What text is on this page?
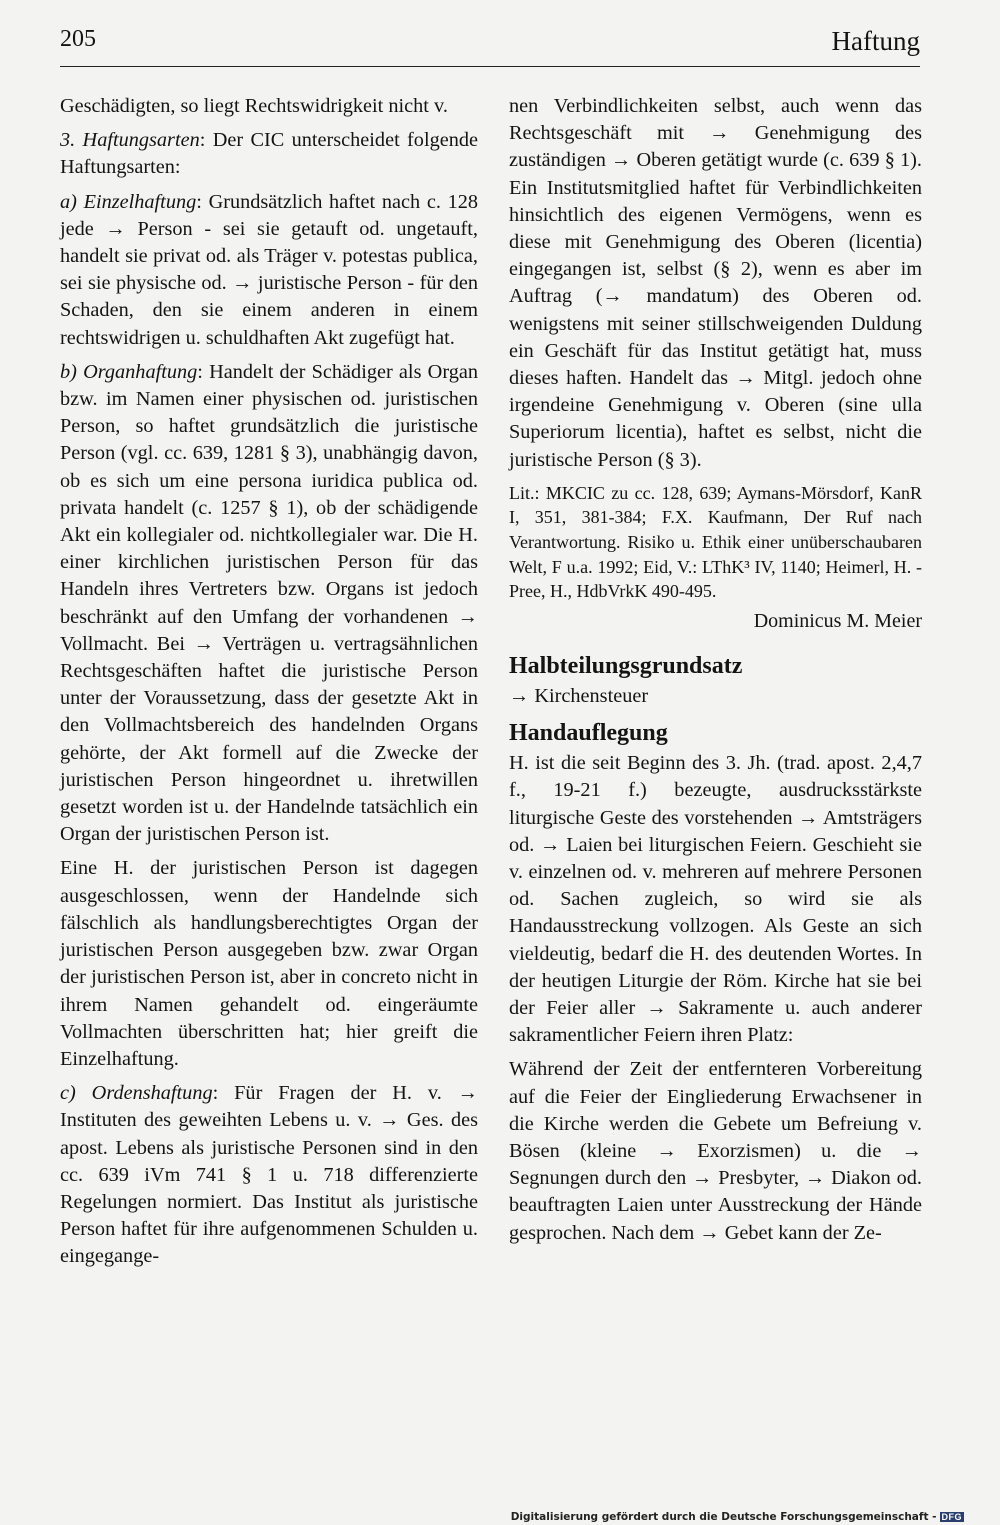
205	Haftung

Geschädigten, so liegt Rechtswidrigkeit nicht v.

3. Haftungsarten: Der CIC unterscheidet folgende Haftungsarten:

a) Einzelhaftung: Grundsätzlich haftet nach c. 128 jede → Person - sei sie getauft od. ungetauft, handelt sie privat od. als Träger v. potestas publica, sei sie physische od. → juristische Person - für den Schaden, den sie einem anderen in einem rechtswidrigen u. schuldhaften Akt zugefügt hat.

b) Organhaftung: Handelt der Schädiger als Organ bzw. im Namen einer physischen od. juristischen Person, so haftet grundsätzlich die juristische Person (vgl. cc. 639, 1281 § 3), unabhängig davon, ob es sich um eine persona iuridica publica od. privata handelt (c. 1257 § 1), ob der schädigende Akt ein kollegialer od. nichtkollegialer war. Die H. einer kirchlichen juristischen Person für das Handeln ihres Vertreters bzw. Organs ist jedoch beschränkt auf den Umfang der vorhandenen → Vollmacht. Bei → Verträgen u. vertragsähnlichen Rechtsgeschäften haftet die juristische Person unter der Voraussetzung, dass der gesetzte Akt in den Vollmachtsbereich des handelnden Organs gehörte, der Akt formell auf die Zwecke der juristischen Person hingeordnet u. ihretwillen gesetzt worden ist u. der Handelnde tatsächlich ein Organ der juristischen Person ist.

Eine H. der juristischen Person ist dagegen ausgeschlossen, wenn der Handelnde sich fälschlich als handlungsberechtigtes Organ der juristischen Person ausgegeben bzw. zwar Organ der juristischen Person ist, aber in concreto nicht in ihrem Namen gehandelt od. eingeräumte Vollmachten überschritten hat; hier greift die Einzelhaftung.

c) Ordenshaftung: Für Fragen der H. v. → Instituten des geweihten Lebens u. v. → Ges. des apost. Lebens als juristische Personen sind in den cc. 639 iVm 741 § 1 u. 718 differenzierte Regelungen normiert. Das Institut als juristische Person haftet für ihre aufgenommenen Schulden u. eingegange-

nen Verbindlichkeiten selbst, auch wenn das Rechtsgeschäft mit → Genehmigung des zuständigen → Oberen getätigt wurde (c. 639 § 1). Ein Institutsmitglied haftet für Verbindlichkeiten hinsichtlich des eigenen Vermögens, wenn es diese mit Genehmigung des Oberen (licentia) eingegangen ist, selbst (§ 2), wenn es aber im Auftrag (→ mandatum) des Oberen od. wenigstens mit seiner stillschweigenden Duldung ein Geschäft für das Institut getätigt hat, muss dieses haften. Handelt das → Mitgl. jedoch ohne irgendeine Genehmigung v. Oberen (sine ulla Superiorum licentia), haftet es selbst, nicht die juristische Person (§ 3).

Lit.: MKCIC zu cc. 128, 639; Aymans-Mörsdorf, KanR I, 351, 381-384; F.X. Kaufmann, Der Ruf nach Verantwortung. Risiko u. Ethik einer unüberschaubaren Welt, F u.a. 1992; Eid, V.: LThK³ IV, 1140; Heimerl, H. - Pree, H., HdbVrkK 490-495.
Dominicus M. Meier
Halbteilungsgrundsatz
→ Kirchensteuer
Handauflegung

H. ist die seit Beginn des 3. Jh. (trad. apost. 2,4,7 f., 19-21 f.) bezeugte, ausdrucksstärkste liturgische Geste des vorstehenden → Amtsträgers od. → Laien bei liturgischen Feiern. Geschieht sie v. einzelnen od. v. mehreren auf mehrere Personen od. Sachen zugleich, so wird sie als Handausstreckung vollzogen. Als Geste an sich vieldeutig, bedarf die H. des deutenden Wortes. In der heutigen Liturgie der Röm. Kirche hat sie bei der Feier aller → Sakramente u. auch anderer sakramentlicher Feiern ihren Platz:

Während der Zeit der entfernteren Vorbereitung auf die Feier der Eingliederung Erwachsener in die Kirche werden die Gebete um Befreiung v. Bösen (kleine → Exorzismen) u. die → Segnungen durch den → Presbyter, → Diakon od. beauftragten Laien unter Ausstreckung der Hände gesprochen. Nach dem → Gebet kann der Ze-

Digitalisierung gefördert durch die Deutsche Forschungsgemeinschaft - DFG
